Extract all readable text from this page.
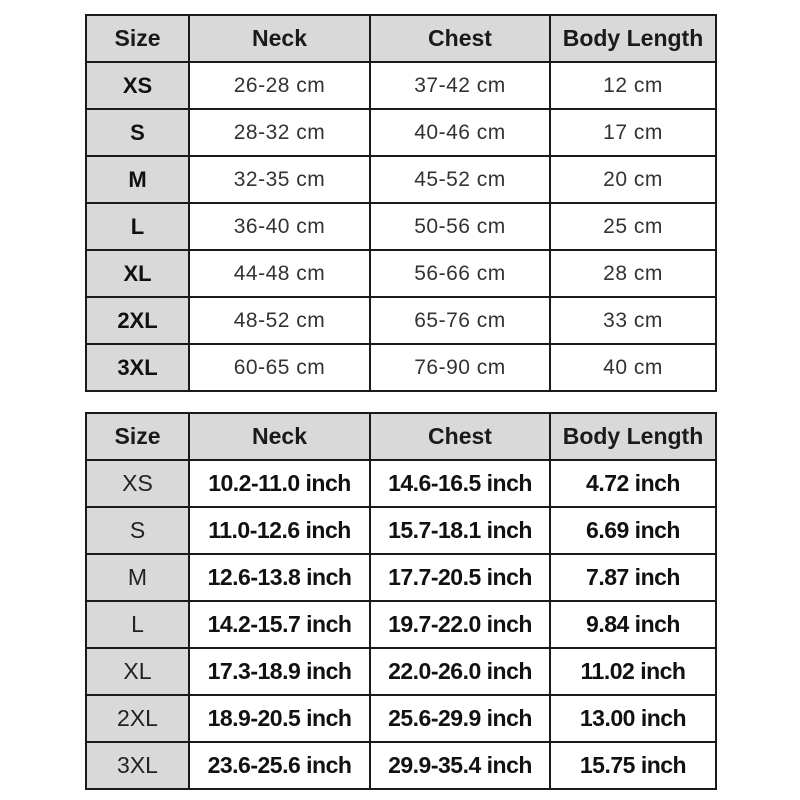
Size	Neck	Chest	Body Length
XS	26-28 cm	37-42 cm	12 cm
S	28-32 cm	40-46 cm	17 cm
M	32-35 cm	45-52 cm	20 cm
L	36-40 cm	50-56 cm	25 cm
XL	44-48 cm	56-66 cm	28 cm
2XL	48-52 cm	65-76 cm	33 cm
3XL	60-65 cm	76-90 cm	40 cm
Size	Neck	Chest	Body Length
XS	10.2-11.0 inch	14.6-16.5 inch	4.72 inch
S	11.0-12.6 inch	15.7-18.1 inch	6.69 inch
M	12.6-13.8 inch	17.7-20.5 inch	7.87 inch
L	14.2-15.7 inch	19.7-22.0 inch	9.84 inch
XL	17.3-18.9 inch	22.0-26.0 inch	11.02 inch
2XL	18.9-20.5 inch	25.6-29.9 inch	13.00 inch
3XL	23.6-25.6 inch	29.9-35.4 inch	15.75 inch
